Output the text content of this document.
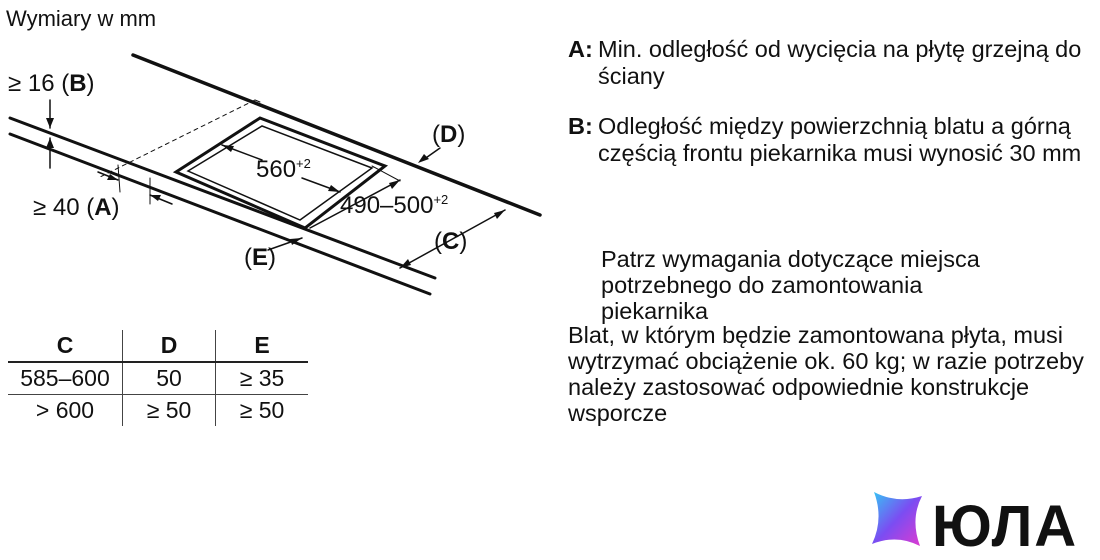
Wymiary w mm
≥ 16 (B)
≥ 40 (A)
(D)
(C)
(E)
$560^{+2}$
$490-500^{+2}$
A: Min. odległość od wycięcia na płytę grzejną do ściany
B: Odległość między powierzchnią blatu a górną częścią frontu piekarnika musi wynosić 30 mm
Patrz wymagania dotyczące miejsca potrzebnego do zamontowania piekarnika
Blat, w którym będzie zamontowana płyta, musi wytrzymać obciążenie ok. 60 kg; w razie potrzeby należy zastosować odpowiednie konstrukcje wsporcze
C	D	E
585–600	50	≥ 35
> 600	≥ 50	≥ 50
ЮЛА
